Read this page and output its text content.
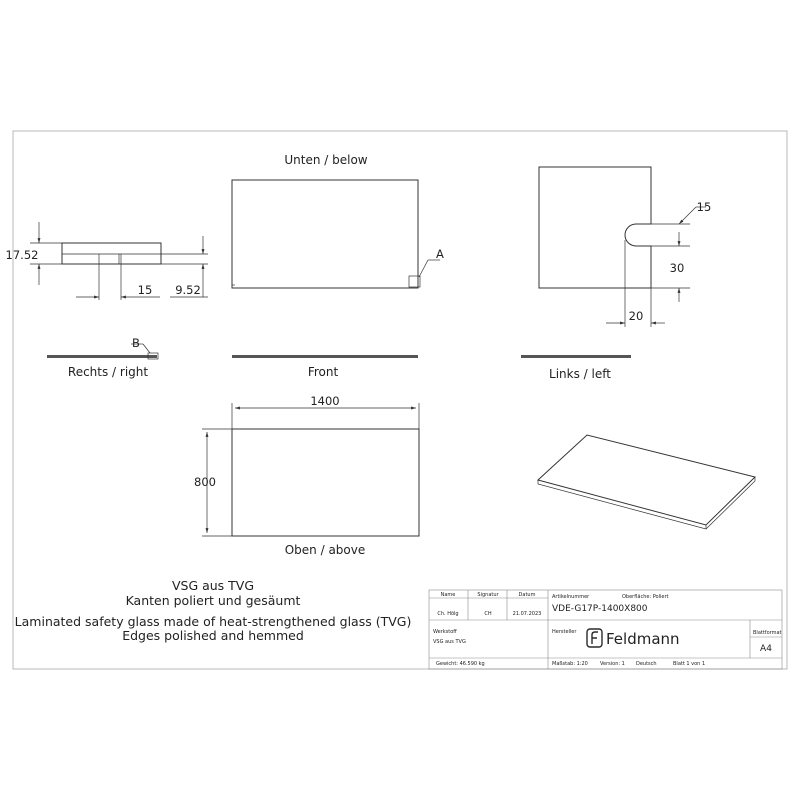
Unten / below
A
17.52
9.52
15
15
30
20
B
Rechts / right	Front	Links / left
1400
800
Oben / above
VSG aus TVG
Kanten poliert und gesäumt
Laminated safety glass made of heat-strengthened glass (TVG)
Edges polished and hemmed
Name	Signatur	Datum
Ch. Hölg	CH	21.07.2023
Artikelnummer	Oberfläche: Poliert
VDE-G17P-1400X800
Werkstoff
VSG aus TVG
Hersteller Feldmann	Blattformat
A4
Gewicht: 46.590 kg	Maßstab: 1:20 Version: 1 Deutsch	Blatt 1 von 1
